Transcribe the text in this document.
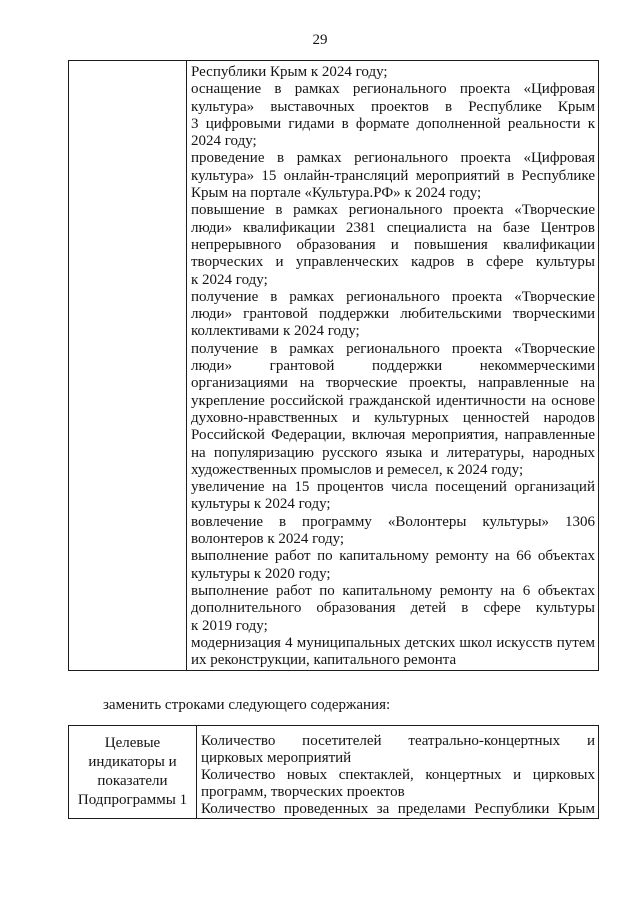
29
Республики Крым к 2024 году;
оснащение в рамках регионального проекта «Цифровая
культура» выставочных проектов в Республике Крым
3 цифровыми гидами в формате дополненной реальности к
2024 году;
проведение в рамках регионального проекта «Цифровая
культура» 15 онлайн-трансляций мероприятий в Республике
Крым на портале «Культура.РФ» к 2024 году;
повышение в рамках регионального проекта «Творческие
люди» квалификации 2381 специалиста на базе Центров
непрерывного образования и повышения квалификации
творческих и управленческих кадров в сфере культуры
к 2024 году;
получение в рамках регионального проекта «Творческие
люди» грантовой поддержки любительскими творческими
коллективами к 2024 году;
получение в рамках регионального проекта «Творческие
люди» грантовой поддержки некоммерческими
организациями на творческие проекты, направленные на
укрепление российской гражданской идентичности на основе
духовно-нравственных и культурных ценностей народов
Российской Федерации, включая мероприятия, направленные
на популяризацию русского языка и литературы, народных
художественных промыслов и ремесел, к 2024 году;
увеличение на 15 процентов числа посещений организаций
культуры к 2024 году;
вовлечение в программу «Волонтеры культуры» 1306
волонтеров к 2024 году;
выполнение работ по капитальному ремонту на 66 объектах
культуры к 2020 году;
выполнение работ по капитальному ремонту на 6 объектах
дополнительного образования детей в сфере культуры
к 2019 году;
модернизация 4 муниципальных детских школ искусств путем
их реконструкции, капитального ремонта

заменить строками следующего содержания:

Целевые
индикаторы и
показатели
Подпрограммы 1
Количество посетителей театрально-концертных и
цирковых мероприятий
Количество новых спектаклей, концертных и цирковых
программ, творческих проектов
Количество проведенных за пределами Республики Крым
